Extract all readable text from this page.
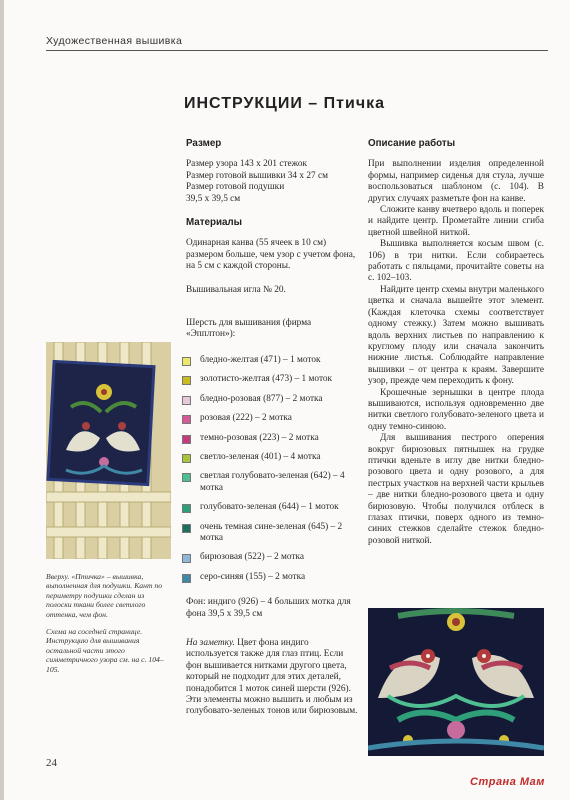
Художественная вышивка
ИНСТРУКЦИИ – Птичка
Размер

Размер узора 143 х 201 стежок

Размер готовой вышивки 34 х 27 см

Размер готовой подушки

39,5 х 39,5 см

Материалы

Одинарная канва (55 ячеек в 10 см) размером больше, чем узор с учетом фона, на 5 см с каждой стороны.

Вышивальная игла № 20.

Шерсть для вышивания (фирма «Эпплтон»):

бледно-желтая (471) – 1 моток
золотисто-желтая (473) – 1 моток
бледно-розовая (877) – 2 мотка
розовая (222) – 2 мотка
темно-розовая (223) – 2 мотка
светло-зеленая (401) – 4 мотка
светлая голубовато-зеленая (642) – 4 мотка
голубовато-зеленая (644) – 1 моток
очень темная сине-зеленая (645) – 2 мотка
бирюзовая (522) – 2 мотка
серо-синяя (155) – 2 мотка

Фон: индиго (926) – 4 больших мотка для фона 39,5 х 39,5 см

На заметку. Цвет фона индиго используется также для глаз птиц. Если фон вышивается нитками другого цвета, который не подходит для этих деталей, понадобится 1 моток синей шерсти (926). Эти элементы можно вышить и любым из голубовато-зеленых тонов или бирюзовым.

Описание работы

При выполнении изделия определенной формы, например сиденья для стула, лучше воспользоваться шаблоном (с. 104). В других случаях разметьте фон на канве.

Сложите канву вчетверо вдоль и поперек и найдите центр. Прометайте линии сгиба цветной швейной ниткой.

Вышивка выполняется косым швом (с. 106) в три нитки. Если собираетесь работать с пяльцами, прочитайте советы на с. 102–103.

Найдите центр схемы внутри маленького цветка и сначала вышейте этот элемент. (Каждая клеточка схемы соответствует одному стежку.) Затем можно вышивать вдоль верхних листьев по направлению к круглому плоду или сначала закончить нижние листья. Соблюдайте направление вышивки – от центра к краям. Завершите узор, прежде чем переходить к фону.

Крошечные зернышки в центре плода вышиваются, используя одновременно две нитки светлого голубовато-зеленого цвета и одну темно-синюю.

Для вышивания пестрого оперения вокруг бирюзовых пятнышек на грудке птички вденьте в иглу две нитки бледно-розового цвета и одну розового, а для пестрых участков на верхней части крыльев – две нитки бледно-розового цвета и одну бирюзовую. Чтобы получился отблеск в глазах птички, поверх одного из темно-синих стежков сделайте стежок бледно-розовой ниткой.

Вверху. «Птичка» – вышивка, выполненная для подушки. Кант по периметру подушки сделан из полоски ткани более светлого оттенка, чем фон.

Схема на соседней странице. Инструкцию для вышивания остальной части этого симметричного узора см. на с. 104–105.

24
Страна Мам
